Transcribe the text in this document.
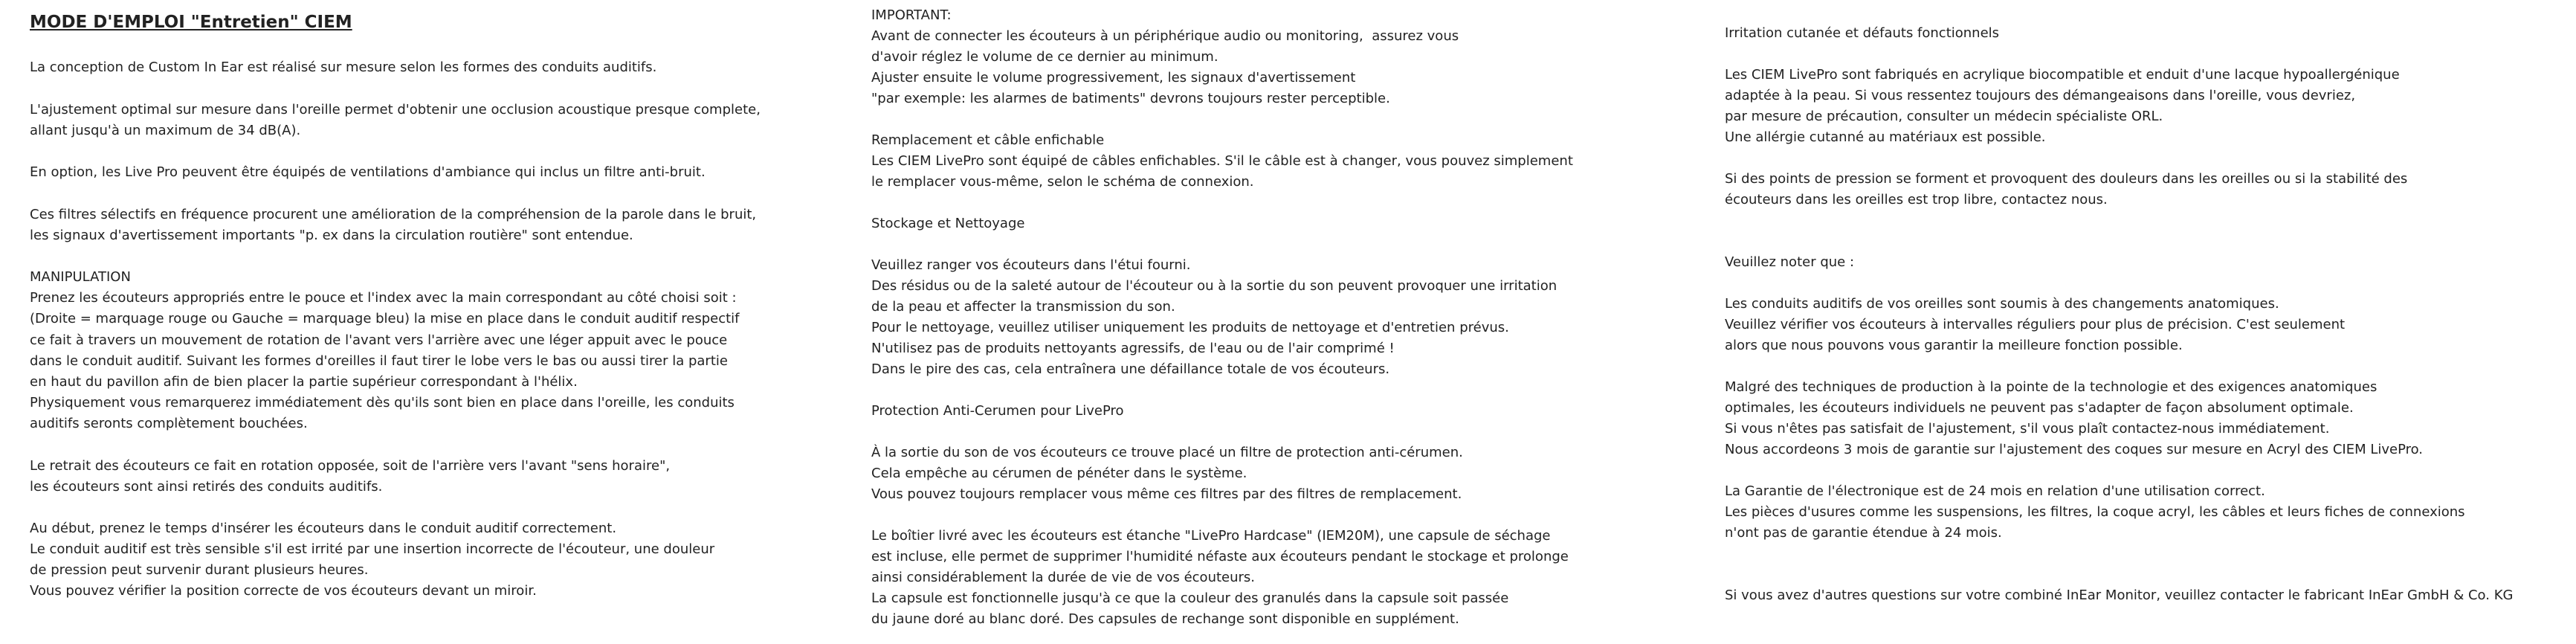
MODE D'EMPLOI "Entretien" CIEM
La conception de Custom In Ear est réalisé sur mesure selon les formes des conduits auditifs.
L'ajustement optimal sur mesure dans l'oreille permet d'obtenir une occlusion acoustique presque complete,
allant jusqu'à un maximum de 34 dB(A).
En option, les Live Pro peuvent être équipés de ventilations d'ambiance qui inclus un filtre anti-bruit.
Ces filtres sélectifs en fréquence procurent une amélioration de la compréhension de la parole dans le bruit,
les signaux d'avertissement importants "p. ex dans la circulation routière" sont entendue.
MANIPULATION
Prenez les écouteurs appropriés entre le pouce et l'index avec la main correspondant au côté choisi soit :
(Droite = marquage rouge ou Gauche = marquage bleu) la mise en place dans le conduit auditif respectif
ce fait à travers un mouvement de rotation de l'avant vers l'arrière avec une léger appuit avec le pouce
dans le conduit auditif. Suivant les formes d'oreilles il faut tirer le lobe vers le bas ou aussi tirer la partie
en haut du pavillon afin de bien placer la partie supérieur correspondant à l'hélix.
Physiquement vous remarquerez immédiatement dès qu'ils sont bien en place dans l'oreille, les conduits
auditifs seronts complètement bouchées.
Le retrait des écouteurs ce fait en rotation opposée, soit de l'arrière vers l'avant "sens horaire",
les écouteurs sont ainsi retirés des conduits auditifs.
Au début, prenez le temps d'insérer les écouteurs dans le conduit auditif correctement.
Le conduit auditif est très sensible s'il est irrité par une insertion incorrecte de l'écouteur, une douleur
de pression peut survenir durant plusieurs heures.
Vous pouvez vérifier la position correcte de vos écouteurs devant un miroir.
IMPORTANT:
Avant de connecter les écouteurs à un périphérique audio ou monitoring,  assurez vous
d'avoir réglez le volume de ce dernier au minimum.
Ajuster ensuite le volume progressivement, les signaux d'avertissement
"par exemple: les alarmes de batiments" devrons toujours rester perceptible.
Remplacement et câble enfichable
Les CIEM LivePro sont équipé de câbles enfichables. S'il le câble est à changer, vous pouvez simplement
le remplacer vous-même, selon le schéma de connexion.
Stockage et Nettoyage
Veuillez ranger vos écouteurs dans l'étui fourni.
Des résidus ou de la saleté autour de l'écouteur ou à la sortie du son peuvent provoquer une irritation
de la peau et affecter la transmission du son.
Pour le nettoyage, veuillez utiliser uniquement les produits de nettoyage et d'entretien prévus.
N'utilisez pas de produits nettoyants agressifs, de l'eau ou de l'air comprimé !
Dans le pire des cas, cela entraînera une défaillance totale de vos écouteurs.
Protection Anti-Cerumen pour LivePro
À la sortie du son de vos écouteurs ce trouve placé un filtre de protection anti-cérumen.
Cela empêche au cérumen de pénéter dans le système.
Vous pouvez toujours remplacer vous même ces filtres par des filtres de remplacement.
Le boîtier livré avec les écouteurs est étanche "LivePro Hardcase" (IEM20M), une capsule de séchage
est incluse, elle permet de supprimer l'humidité néfaste aux écouteurs pendant le stockage et prolonge
ainsi considérablement la durée de vie de vos écouteurs.
La capsule est fonctionnelle jusqu'à ce que la couleur des granulés dans la capsule soit passée
du jaune doré au blanc doré. Des capsules de rechange sont disponible en supplément.
Irritation cutanée et défauts fonctionnels
Les CIEM LivePro sont fabriqués en acrylique biocompatible et enduit d'une lacque hypoallergénique
adaptée à la peau. Si vous ressentez toujours des démangeaisons dans l'oreille, vous devriez,
par mesure de précaution, consulter un médecin spécialiste ORL.
Une allérgie cutanné au matériaux est possible.
Si des points de pression se forment et provoquent des douleurs dans les oreilles ou si la stabilité des
écouteurs dans les oreilles est trop libre, contactez nous.
Veuillez noter que :
Les conduits auditifs de vos oreilles sont soumis à des changements anatomiques.
Veuillez vérifier vos écouteurs à intervalles réguliers pour plus de précision. C'est seulement
alors que nous pouvons vous garantir la meilleure fonction possible.
Malgré des techniques de production à la pointe de la technologie et des exigences anatomiques
optimales, les écouteurs individuels ne peuvent pas s'adapter de façon absolument optimale.
Si vous n'êtes pas satisfait de l'ajustement, s'il vous plaît contactez-nous immédiatement.
Nous accordeons 3 mois de garantie sur l'ajustement des coques sur mesure en Acryl des CIEM LivePro.
La Garantie de l'électronique est de 24 mois en relation d'une utilisation correct.
Les pièces d'usures comme les suspensions, les filtres, la coque acryl, les câbles et leurs fiches de connexions
n'ont pas de garantie étendue à 24 mois.
Si vous avez d'autres questions sur votre combiné InEar Monitor, veuillez contacter le fabricant InEar GmbH & Co. KG
